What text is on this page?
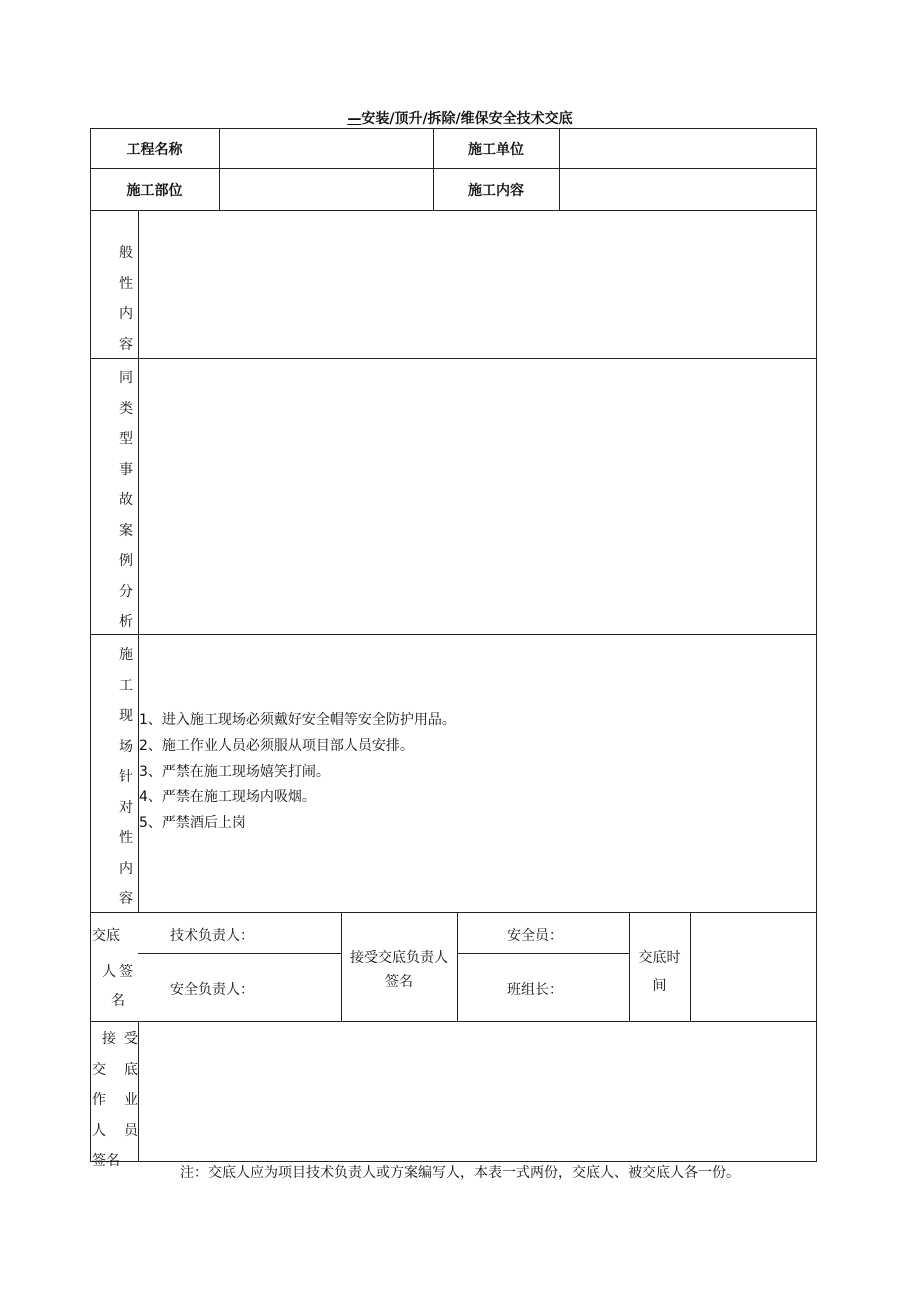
—安装/顶升/拆除/维保安全技术交底
工程名称	施工单位
施工部位	施工内容
般
性
内
容
同
类
型
事
故
案
例
分
析
施
工
现
场
针
对
性
内
容
1、进入施工现场必须戴好安全帽等安全防护用品。
2、施工作业人员必须服从项目部人员安排。
3、严禁在施工现场嬉笑打闹。
4、严禁在施工现场内吸烟。
5、严禁酒后上岗
交底
人签
名
技术负责人：
安全负责人：
接受交底负责人
签名
安全员：
班组长：
交底时
间
接 受
交 底
作 业
人 员
签名
注：交底人应为项目技术负责人或方案编写人，本表一式两份，交底人、被交底人各一份。
